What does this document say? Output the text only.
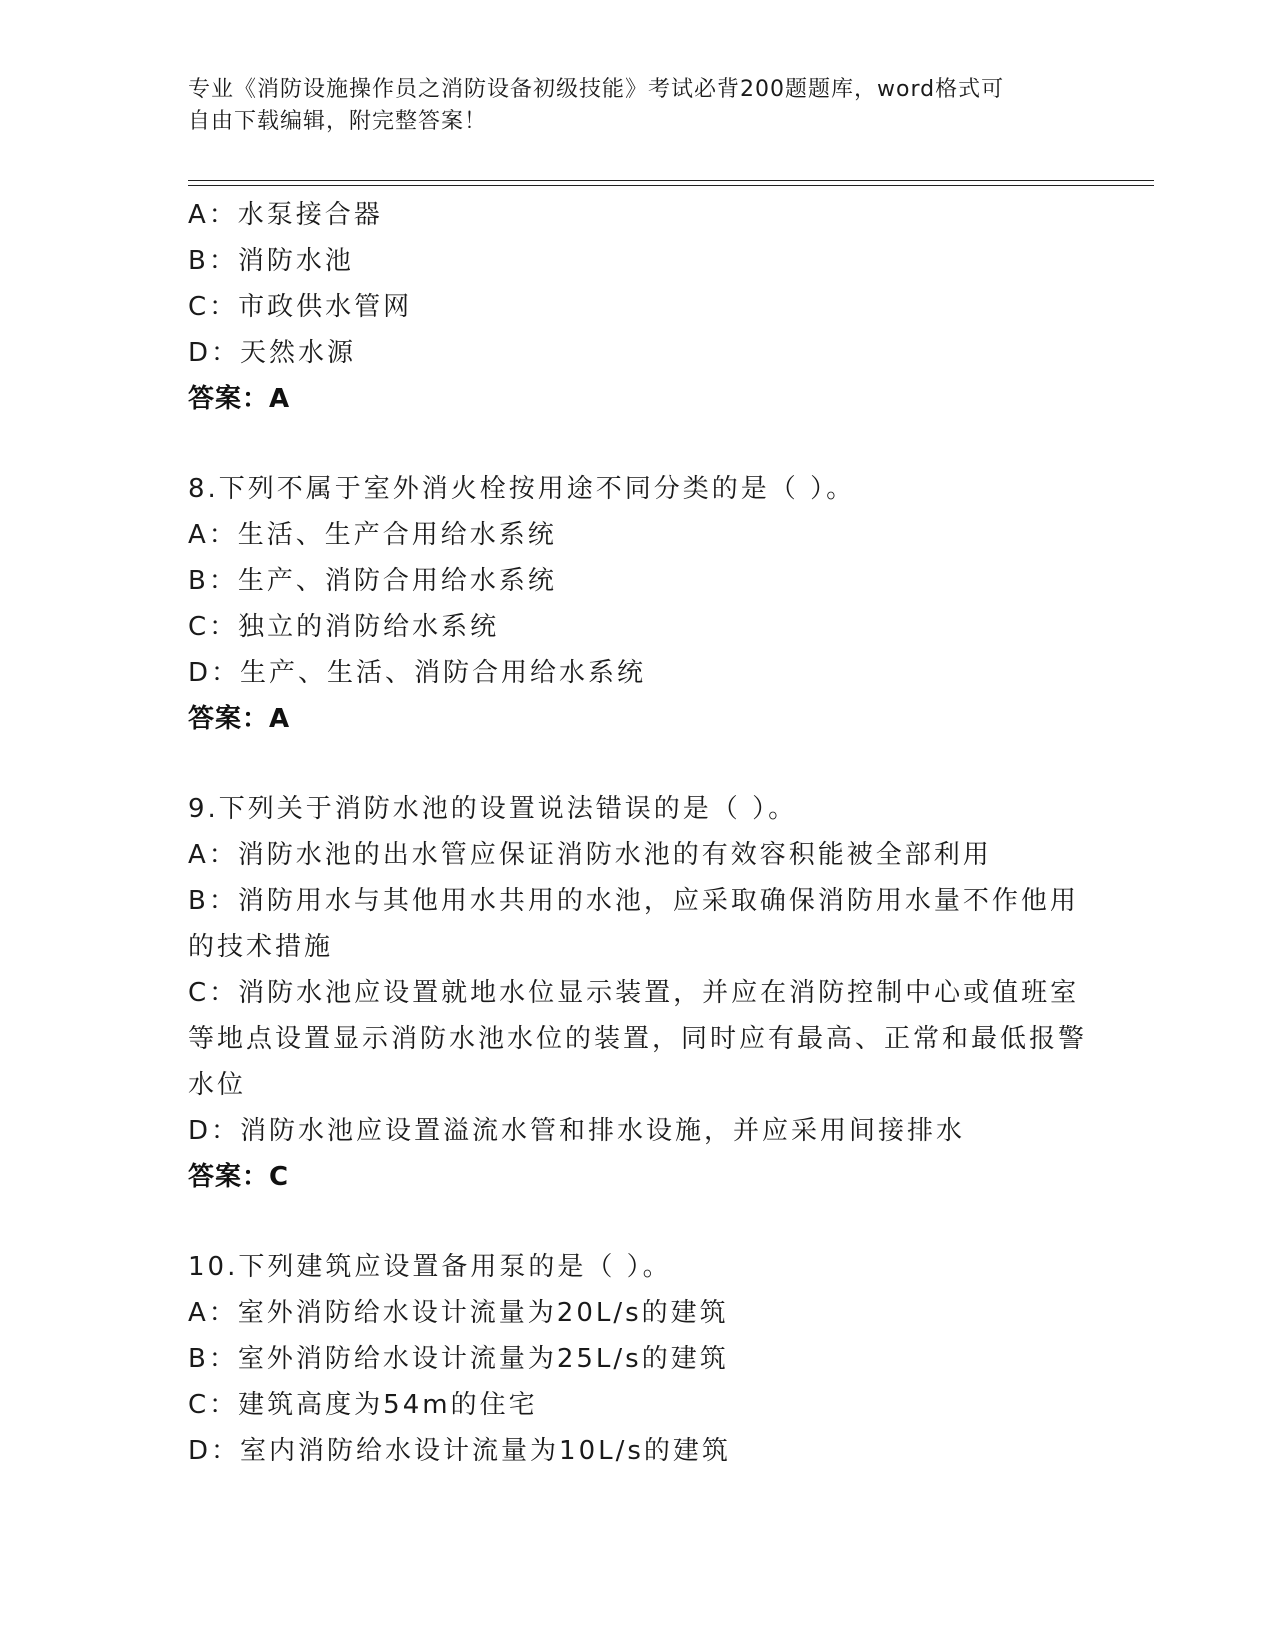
专业《消防设施操作员之消防设备初级技能》考试必背200题题库，word格式可
自由下载编辑，附完整答案！
A：水泵接合器
B：消防水池
C：市政供水管网
D：天然水源
答案：A
8.下列不属于室外消火栓按用途不同分类的是（ ）。
A：生活、生产合用给水系统
B：生产、消防合用给水系统
C：独立的消防给水系统
D：生产、生活、消防合用给水系统
答案：A
9.下列关于消防水池的设置说法错误的是（ ）。
A：消防水池的出水管应保证消防水池的有效容积能被全部利用
B：消防用水与其他用水共用的水池，应采取确保消防用水量不作他用的技术措施
C：消防水池应设置就地水位显示装置，并应在消防控制中心或值班室等地点设置显示消防水池水位的装置，同时应有最高、正常和最低报警水位
D：消防水池应设置溢流水管和排水设施，并应采用间接排水
答案：C
10.下列建筑应设置备用泵的是（ ）。
A：室外消防给水设计流量为20L/s的建筑
B：室外消防给水设计流量为25L/s的建筑
C：建筑高度为54m的住宅
D：室内消防给水设计流量为10L/s的建筑
